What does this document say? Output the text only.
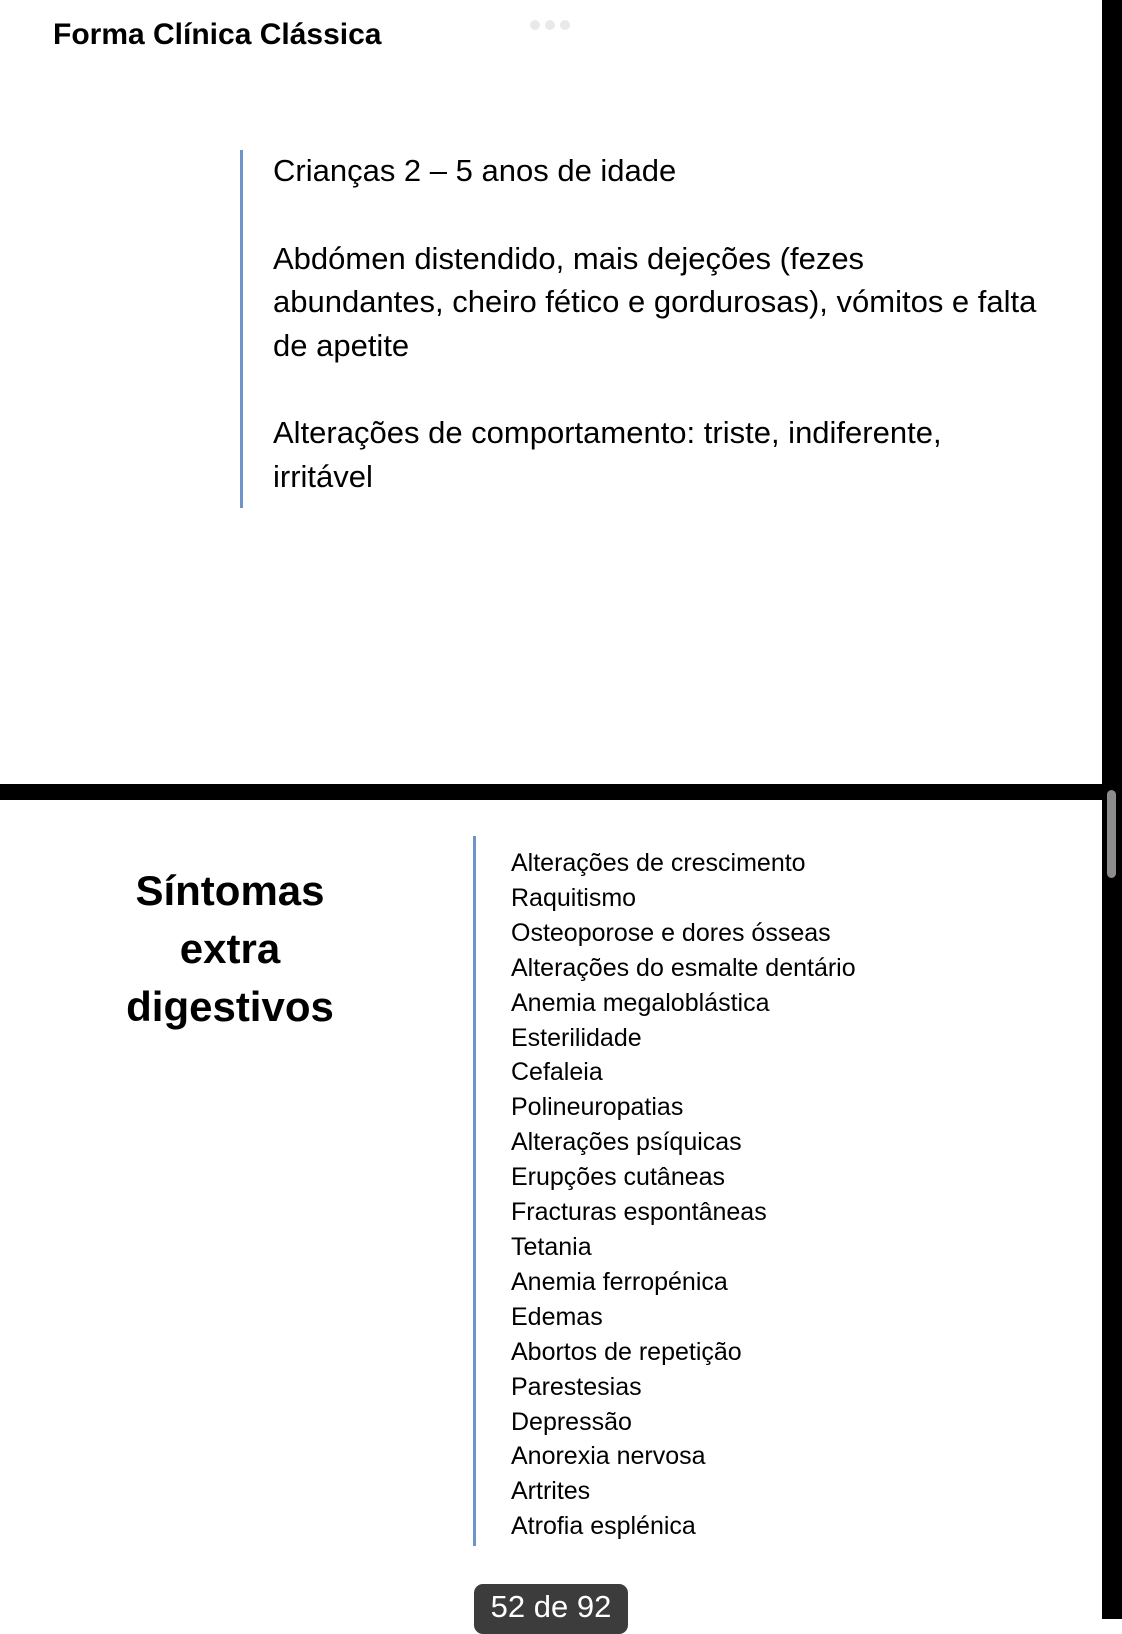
Forma Clínica Clássica

Crianças 2 – 5 anos de idade

Abdómen distendido, mais dejeções (fezes abundantes, cheiro fético e gordurosas), vómitos e falta de apetite

Alterações de comportamento: triste, indiferente, irritável

Síntomas
extra
digestivos
Alterações de crescimento
Raquitismo
Osteoporose e dores ósseas
Alterações do esmalte dentário
Anemia megaloblástica
Esterilidade
Cefaleia
Polineuropatias
Alterações psíquicas
Erupções cutâneas
Fracturas espontâneas
Tetania
Anemia ferropénica
Edemas
Abortos de repetição
Parestesias
Depressão
Anorexia nervosa
Artrites
Atrofia esplénica
52 de 92
